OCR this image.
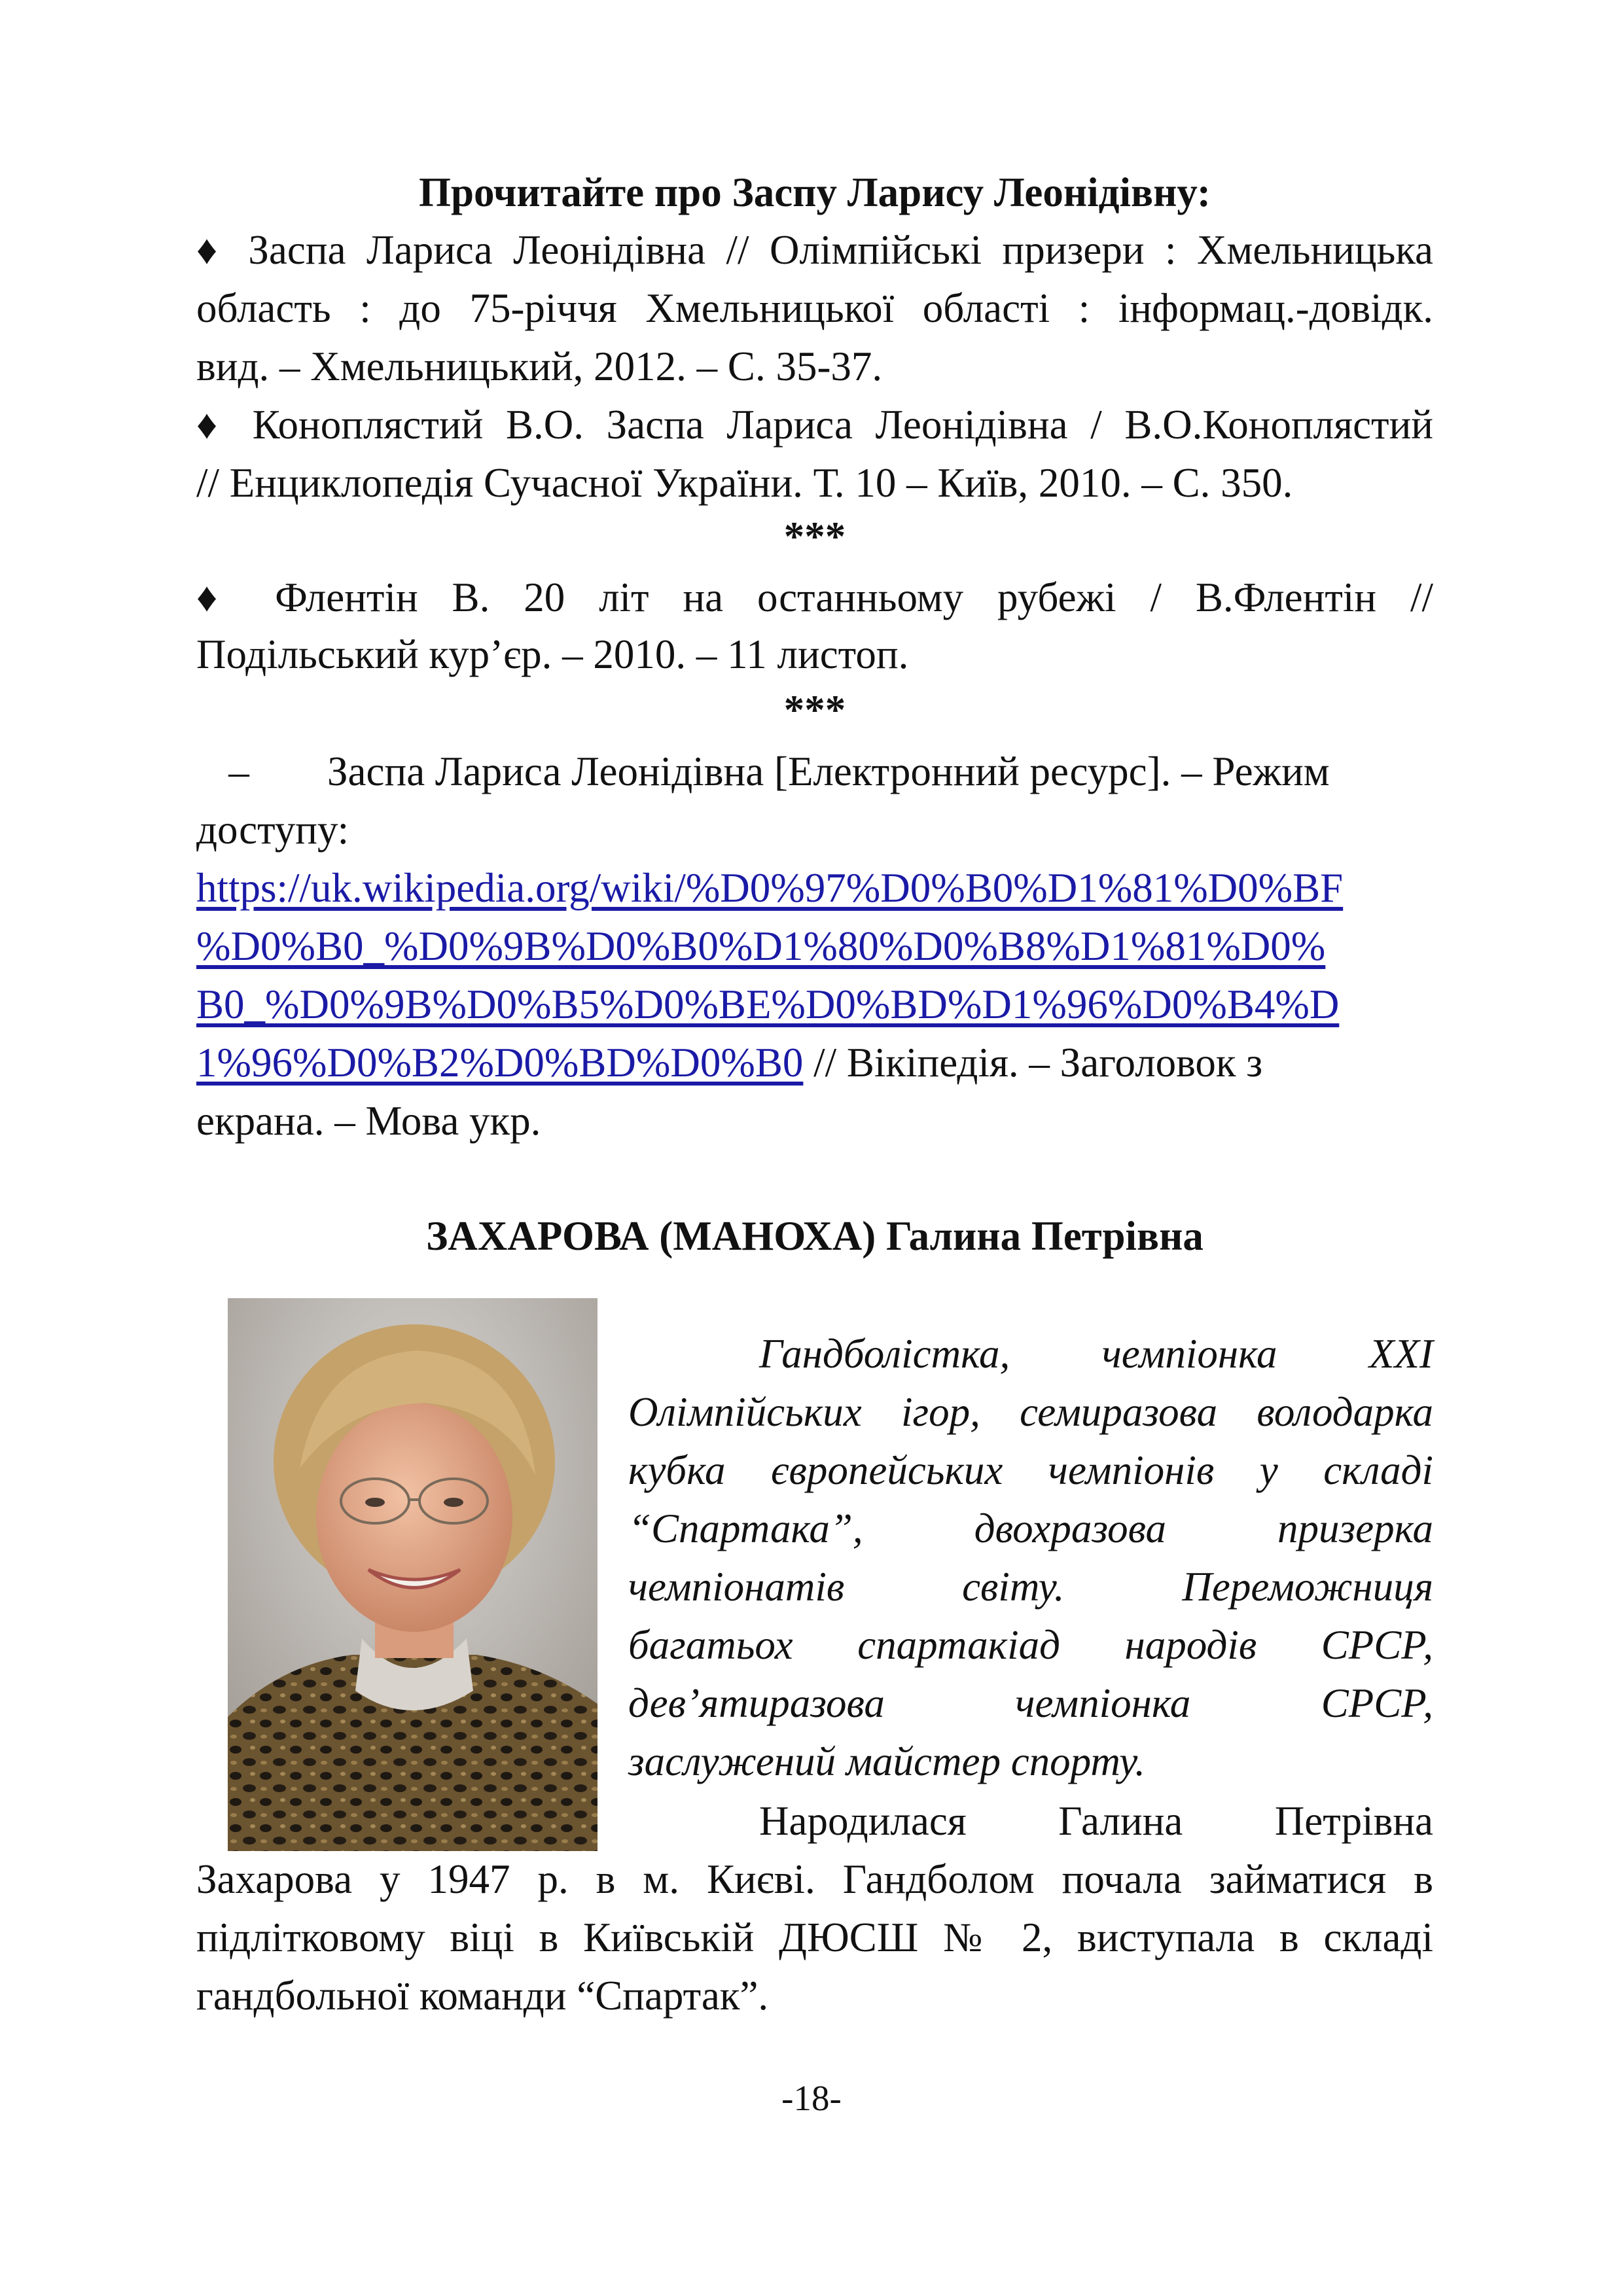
Прочитайте про Заспу Ларису Леонідівну:
♦ Заспа Лариса Леонідівна // Олімпійські призери : Хмельницька
область : до 75-річчя Хмельницької області : інформац.-довідк.
вид. – Хмельницький, 2012. – С. 35-37.
♦ Коноплястий В.О. Заспа Лариса Леонідівна / В.О.Коноплястий
// Енциклопедія Сучасної України. Т. 10 – Київ, 2010. – С. 350.
***
♦ Флентін В. 20 літ на останньому рубежі / В.Флентін //
Подільський кур’єр. – 2010. – 11 листоп.
***
– Заспа Лариса Леонідівна [Електронний ресурс]. – Режим
доступу:
https://uk.wikipedia.org/wiki/%D0%97%D0%B0%D1%81%D0%BF
%D0%B0_%D0%9B%D0%B0%D1%80%D0%B8%D1%81%D0%
B0_%D0%9B%D0%B5%D0%BE%D0%BD%D1%96%D0%B4%D
1%96%D0%B2%D0%BD%D0%B0 // Вікіпедія. – Заголовок з
екрана. – Мова укр.
ЗАХАРОВА (МАНОХА) Галина Петрівна
Гандболістка, чемпіонка XXI
Олімпійських ігор, семиразова володарка
кубка європейських чемпіонів у складі
“Спартака”,	двохразова	призерка
чемпіонатів	світу.	Переможниця
багатьох спартакіад народів СРСР,
дев’ятиразова	чемпіонка	СРСР,
заслужений майстер спорту.
Народилася Галина Петрівна
Захарова у 1947 р. в м. Києві. Гандболом почала займатися в
підлітковому віці в Київській ДЮСШ № 2, виступала в складі
гандбольної команди “Спартак”.
-18-
